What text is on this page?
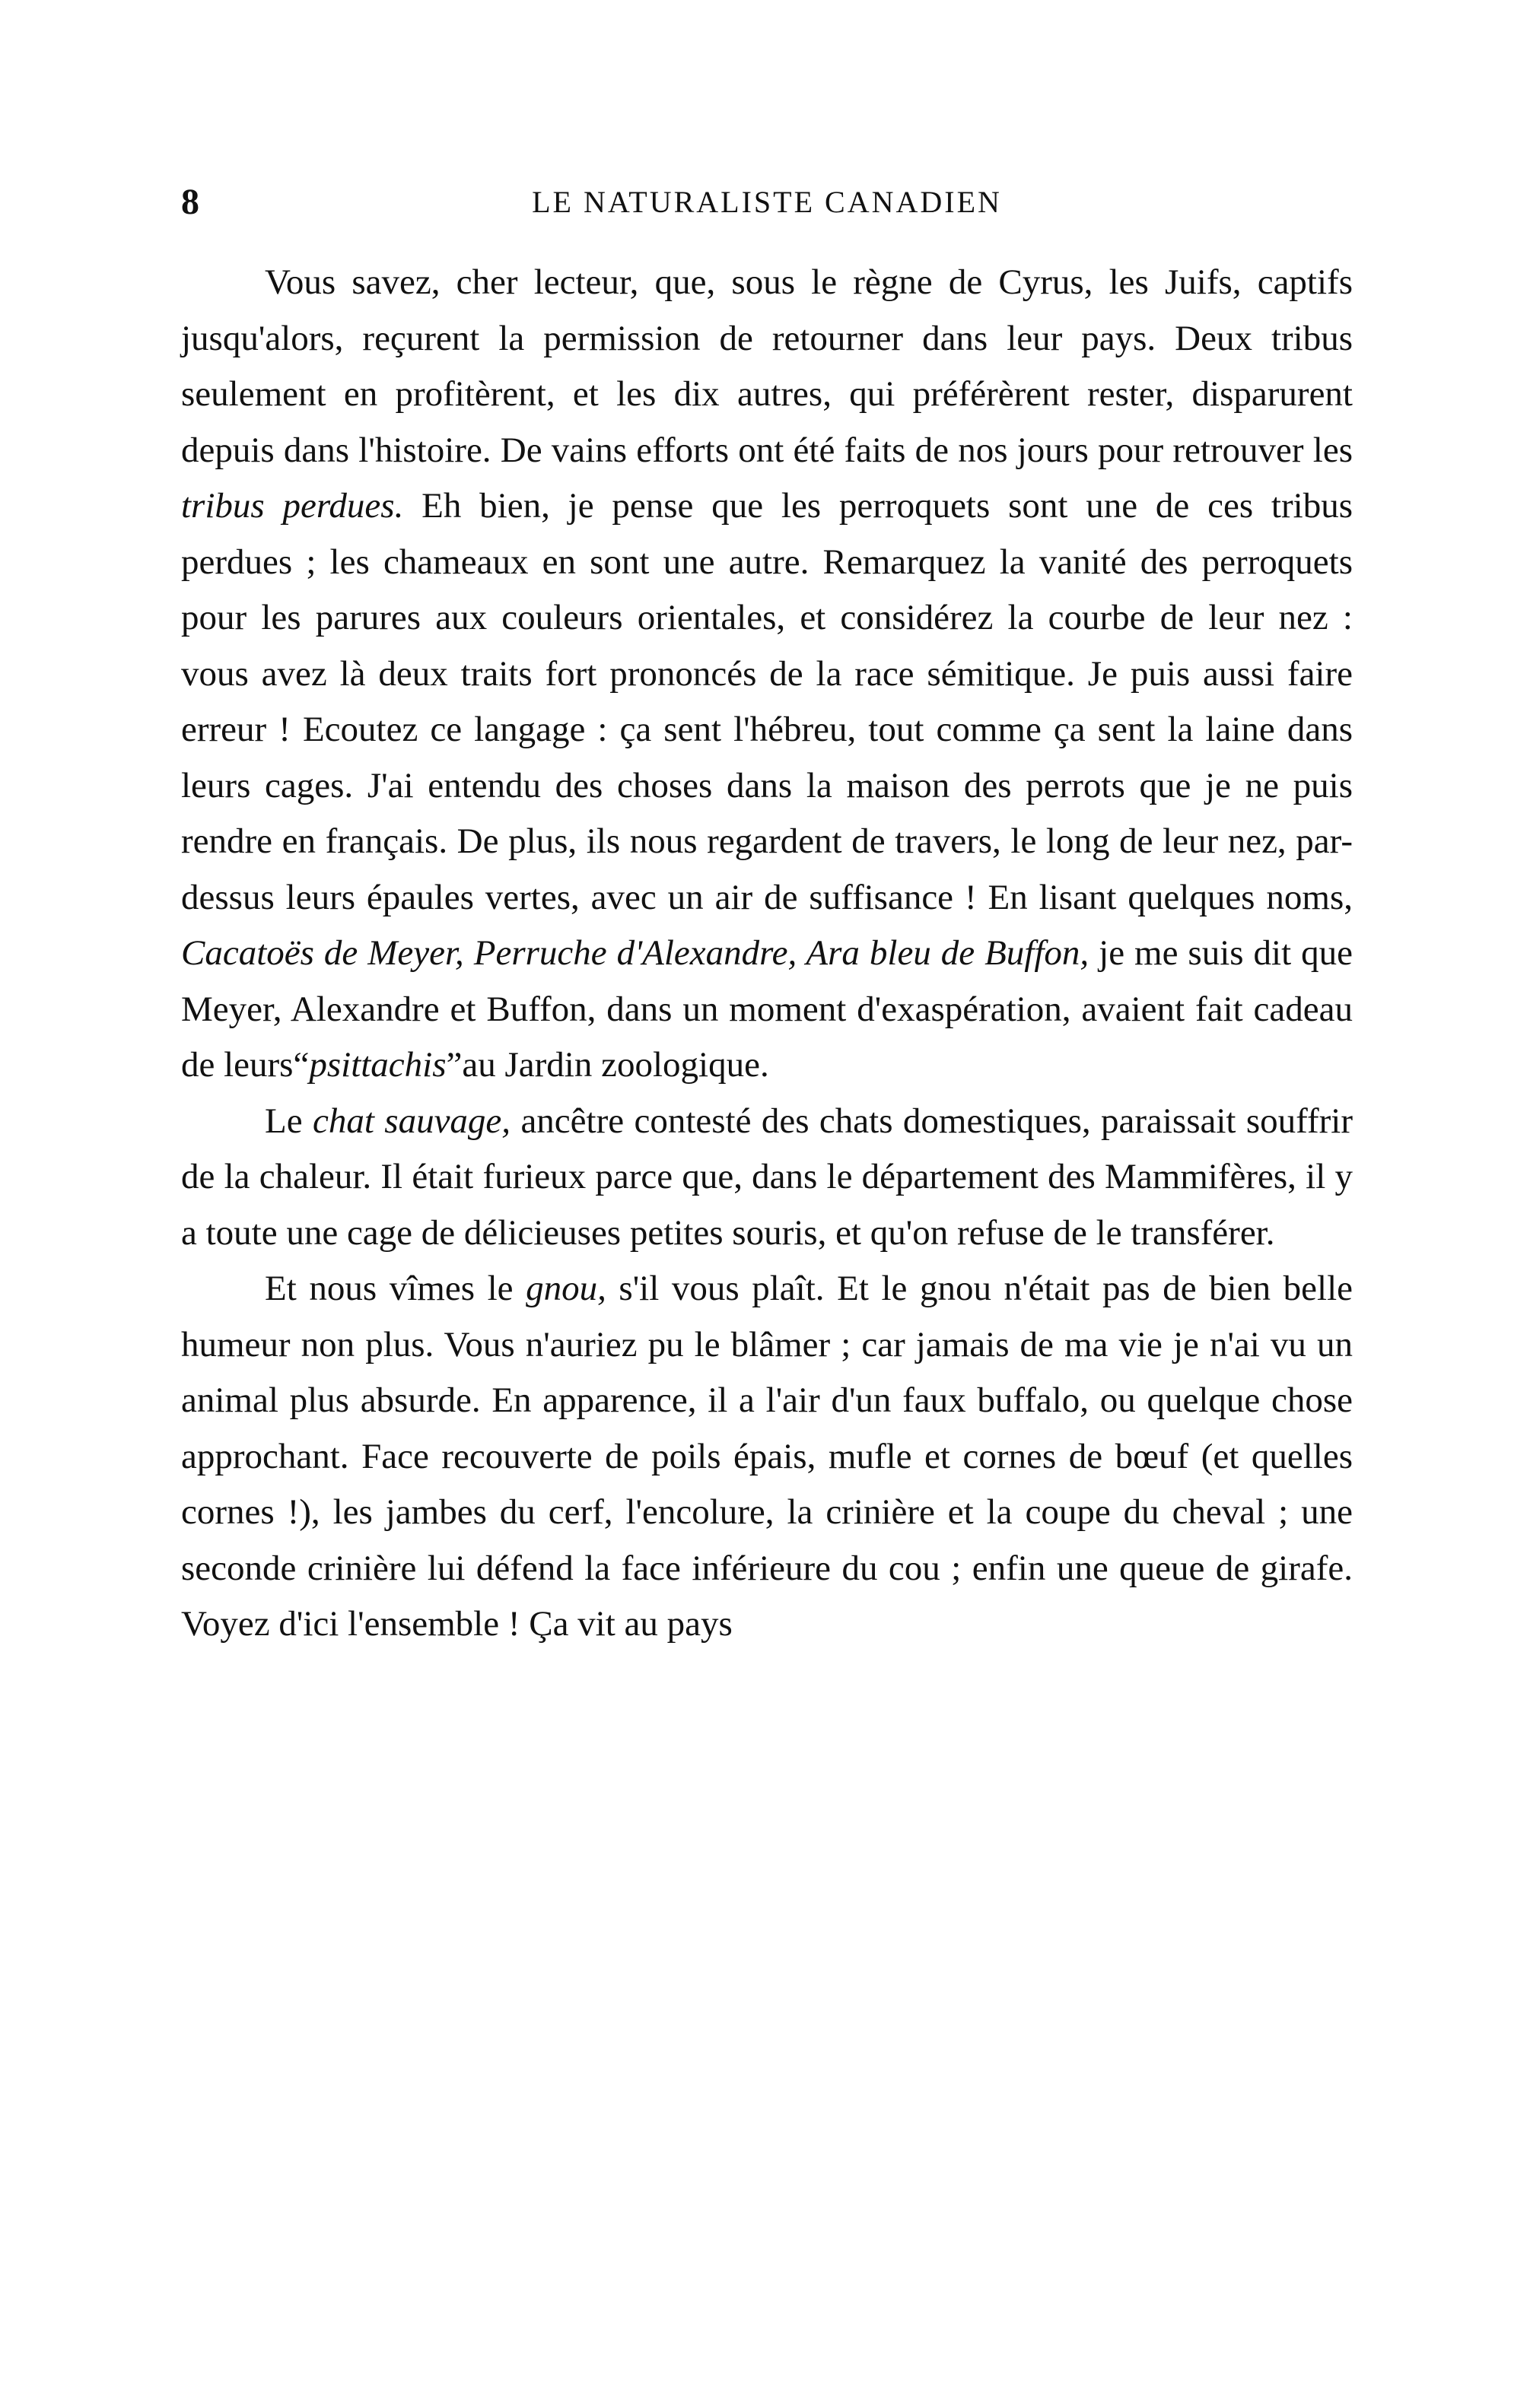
8	LE NATURALISTE CANADIEN

Vous savez, cher lecteur, que, sous le règne de Cyrus, les Juifs, captifs jusqu'alors, reçurent la permission de retourner dans leur pays. Deux tribus seulement en profitèrent, et les dix autres, qui préférèrent rester, disparurent depuis dans l'histoire. De vains efforts ont été faits de nos jours pour retrouver les tribus perdues. Eh bien, je pense que les perroquets sont une de ces tribus perdues ; les chameaux en sont une autre. Remarquez la vanité des perroquets pour les parures aux couleurs orientales, et considérez la courbe de leur nez : vous avez là deux traits fort prononcés de la race sémitique. Je puis aussi faire erreur ! Ecoutez ce langage : ça sent l'hébreu, tout comme ça sent la laine dans leurs cages. J'ai entendu des choses dans la maison des perrots que je ne puis rendre en français. De plus, ils nous regardent de travers, le long de leur nez, par-dessus leurs épaules vertes, avec un air de suffisance ! En lisant quelques noms, Cacatoës de Meyer, Perruche d'Alexandre, Ara bleu de Buffon, je me suis dit que Meyer, Alexandre et Buffon, dans un moment d'exaspération, avaient fait cadeau de leurs“psittachis”au Jardin zoologique.

Le chat sauvage, ancêtre contesté des chats domestiques, paraissait souffrir de la chaleur. Il était furieux parce que, dans le département des Mammifères, il y a toute une cage de délicieuses petites souris, et qu'on refuse de le transférer.

Et nous vîmes le gnou, s'il vous plaît. Et le gnou n'était pas de bien belle humeur non plus. Vous n'auriez pu le blâmer ; car jamais de ma vie je n'ai vu un animal plus absurde. En apparence, il a l'air d'un faux buffalo, ou quelque chose approchant. Face recouverte de poils épais, mufle et cornes de bœuf (et quelles cornes !), les jambes du cerf, l'encolure, la crinière et la coupe du cheval ; une seconde crinière lui défend la face inférieure du cou ; enfin une queue de girafe. Voyez d'ici l'ensemble ! Ça vit au pays
